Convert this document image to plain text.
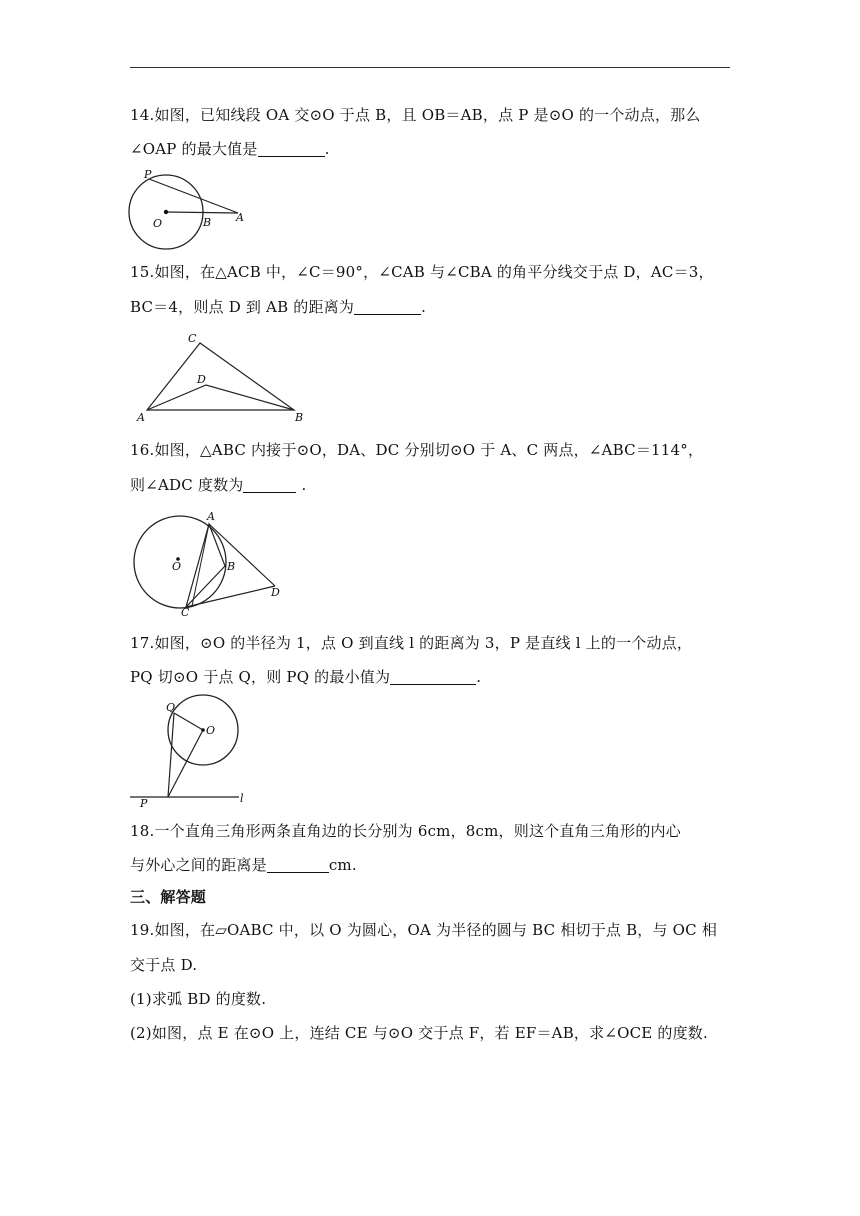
14.如图，已知线段 OA 交⊙O 于点 B，且 OB＝AB，点 P 是⊙O 的一个动点，那么
∠OAP 的最大值是	.
P
O	B A
15.如图，在△ACB 中，∠C＝90°，∠CAB 与∠CBA 的角平分线交于点 D，AC＝3，
BC＝4，则点 D 到 AB 的距离为	.
C
D
A	B
16.如图，△ABC 内接于⊙O，DA、DC 分别切⊙O 于 A、C 两点，∠ABC＝114°，
则∠ADC 度数为	.
A
O	B
C
D
17.如图，⊙O 的半径为 1，点 O 到直线 l 的距离为 3，P 是直线 l 上的一个动点，
PQ 切⊙O 于点 Q，则 PQ 的最小值为	.
Q
O
P	l
18.一个直角三角形两条直角边的长分别为 6cm，8cm，则这个直角三角形的内心
与外心之间的距离是	cm.
三、解答题
19.如图，在▱OABC 中，以 O 为圆心，OA 为半径的圆与 BC 相切于点 B，与 OC 相
交于点 D.
(1)求弧 BD 的度数.
(2)如图，点 E 在⊙O 上，连结 CE 与⊙O 交于点 F，若 EF＝AB，求∠OCE 的度数.
